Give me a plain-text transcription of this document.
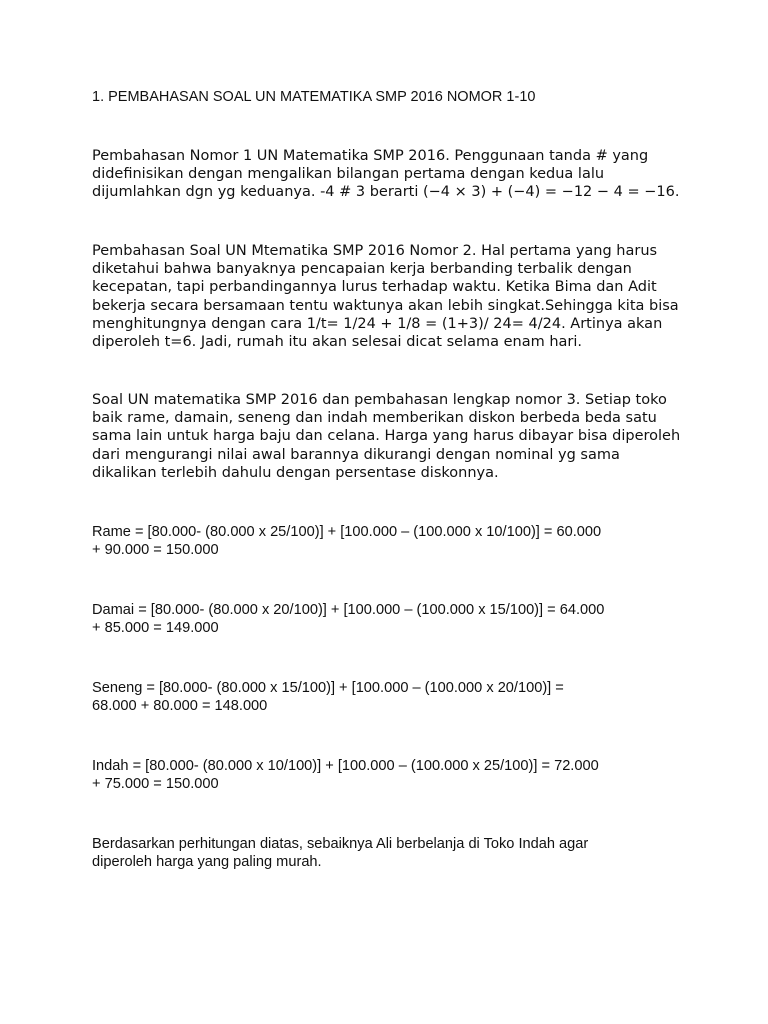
1. PEMBAHASAN SOAL UN MATEMATIKA SMP 2016 NOMOR 1-10
Pembahasan Nomor 1 UN Matematika SMP 2016. Penggunaan tanda # yang
didefinisikan dengan mengalikan bilangan pertama dengan kedua lalu
dijumlahkan dgn yg keduanya. -4 # 3 berarti (−4 × 3) + (−4) = −12 − 4 = −16.
Pembahasan Soal UN Mtematika SMP 2016 Nomor 2. Hal pertama yang harus
diketahui bahwa banyaknya pencapaian kerja berbanding terbalik dengan
kecepatan, tapi perbandingannya lurus terhadap waktu. Ketika Bima dan Adit
bekerja secara bersamaan tentu waktunya akan lebih singkat.Sehingga kita bisa
menghitungnya dengan cara 1/t= 1/24 + 1/8 = (1+3)/ 24= 4/24. Artinya akan
diperoleh t=6. Jadi, rumah itu akan selesai dicat selama enam hari.
Soal UN matematika SMP 2016 dan pembahasan lengkap nomor 3. Setiap toko
baik rame, damain, seneng dan indah memberikan diskon berbeda beda satu
sama lain untuk harga baju dan celana. Harga yang harus dibayar bisa diperoleh
dari mengurangi nilai awal barannya dikurangi dengan nominal yg sama
dikalikan terlebih dahulu dengan persentase diskonnya.
Rame = [80.000- (80.000 x 25/100)] + [100.000 – (100.000 x 10/100)] = 60.000
+ 90.000 = 150.000
Damai = [80.000- (80.000 x 20/100)] + [100.000 – (100.000 x 15/100)] = 64.000
+ 85.000 = 149.000
Seneng = [80.000- (80.000 x 15/100)] + [100.000 – (100.000 x 20/100)] =
68.000 + 80.000 = 148.000
Indah = [80.000- (80.000 x 10/100)] + [100.000 – (100.000 x 25/100)] = 72.000
+ 75.000 = 150.000
Berdasarkan perhitungan diatas, sebaiknya Ali berbelanja di Toko Indah agar
diperoleh harga yang paling murah.
